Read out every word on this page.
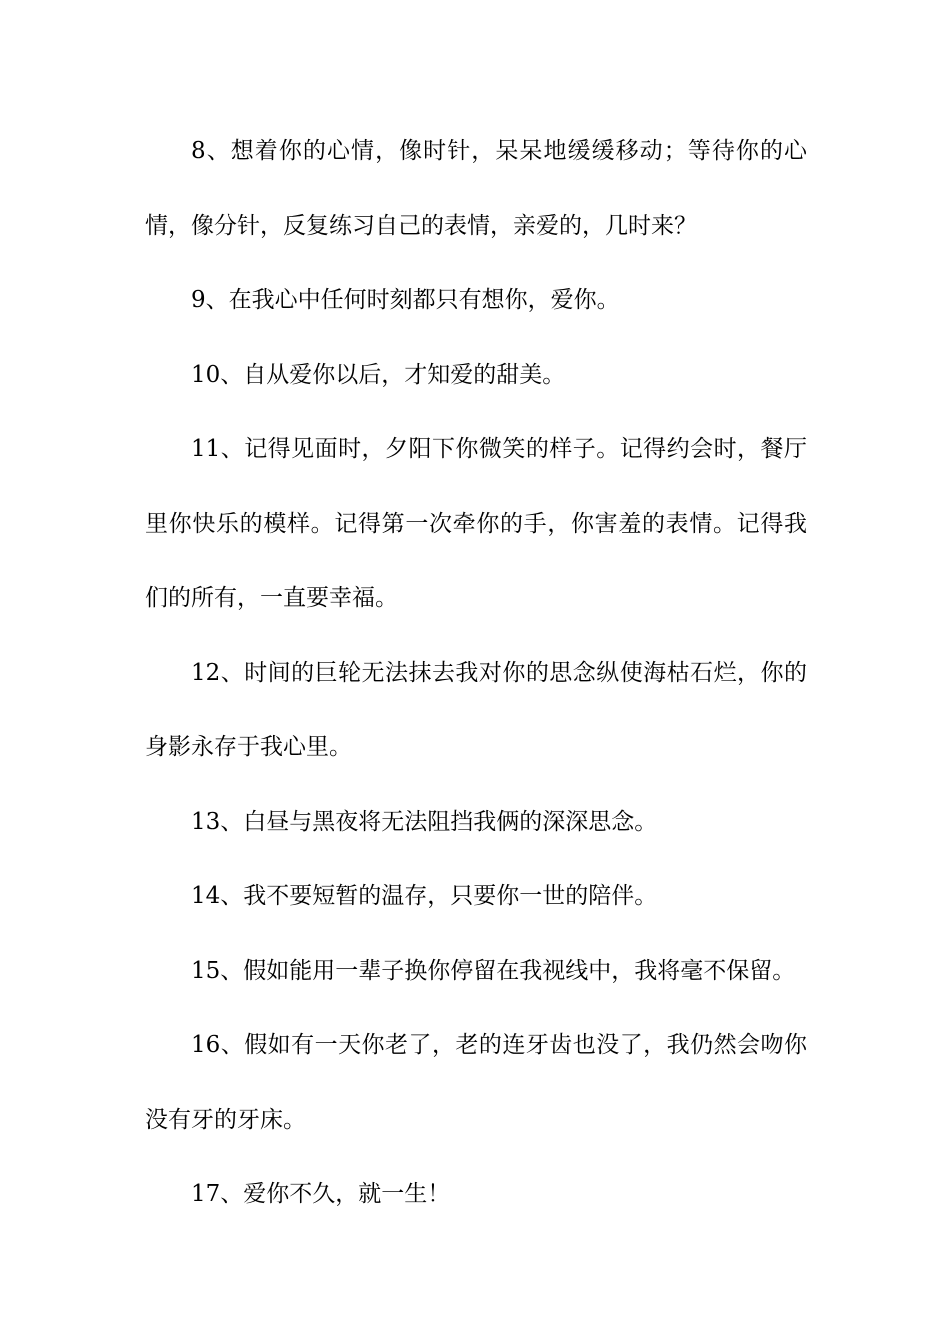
8、想着你的心情，像时针，呆呆地缓缓移动；等待你的心情，像分针，反复练习自己的表情，亲爱的，几时来？

9、在我心中任何时刻都只有想你，爱你。

10、自从爱你以后，才知爱的甜美。

11、记得见面时，夕阳下你微笑的样子。记得约会时，餐厅里你快乐的模样。记得第一次牵你的手，你害羞的表情。记得我们的所有，一直要幸福。

12、时间的巨轮无法抹去我对你的思念纵使海枯石烂，你的身影永存于我心里。

13、白昼与黑夜将无法阻挡我俩的深深思念。

14、我不要短暂的温存，只要你一世的陪伴。

15、假如能用一辈子换你停留在我视线中，我将毫不保留。

16、假如有一天你老了，老的连牙齿也没了，我仍然会吻你没有牙的牙床。

17、爱你不久，就一生！
